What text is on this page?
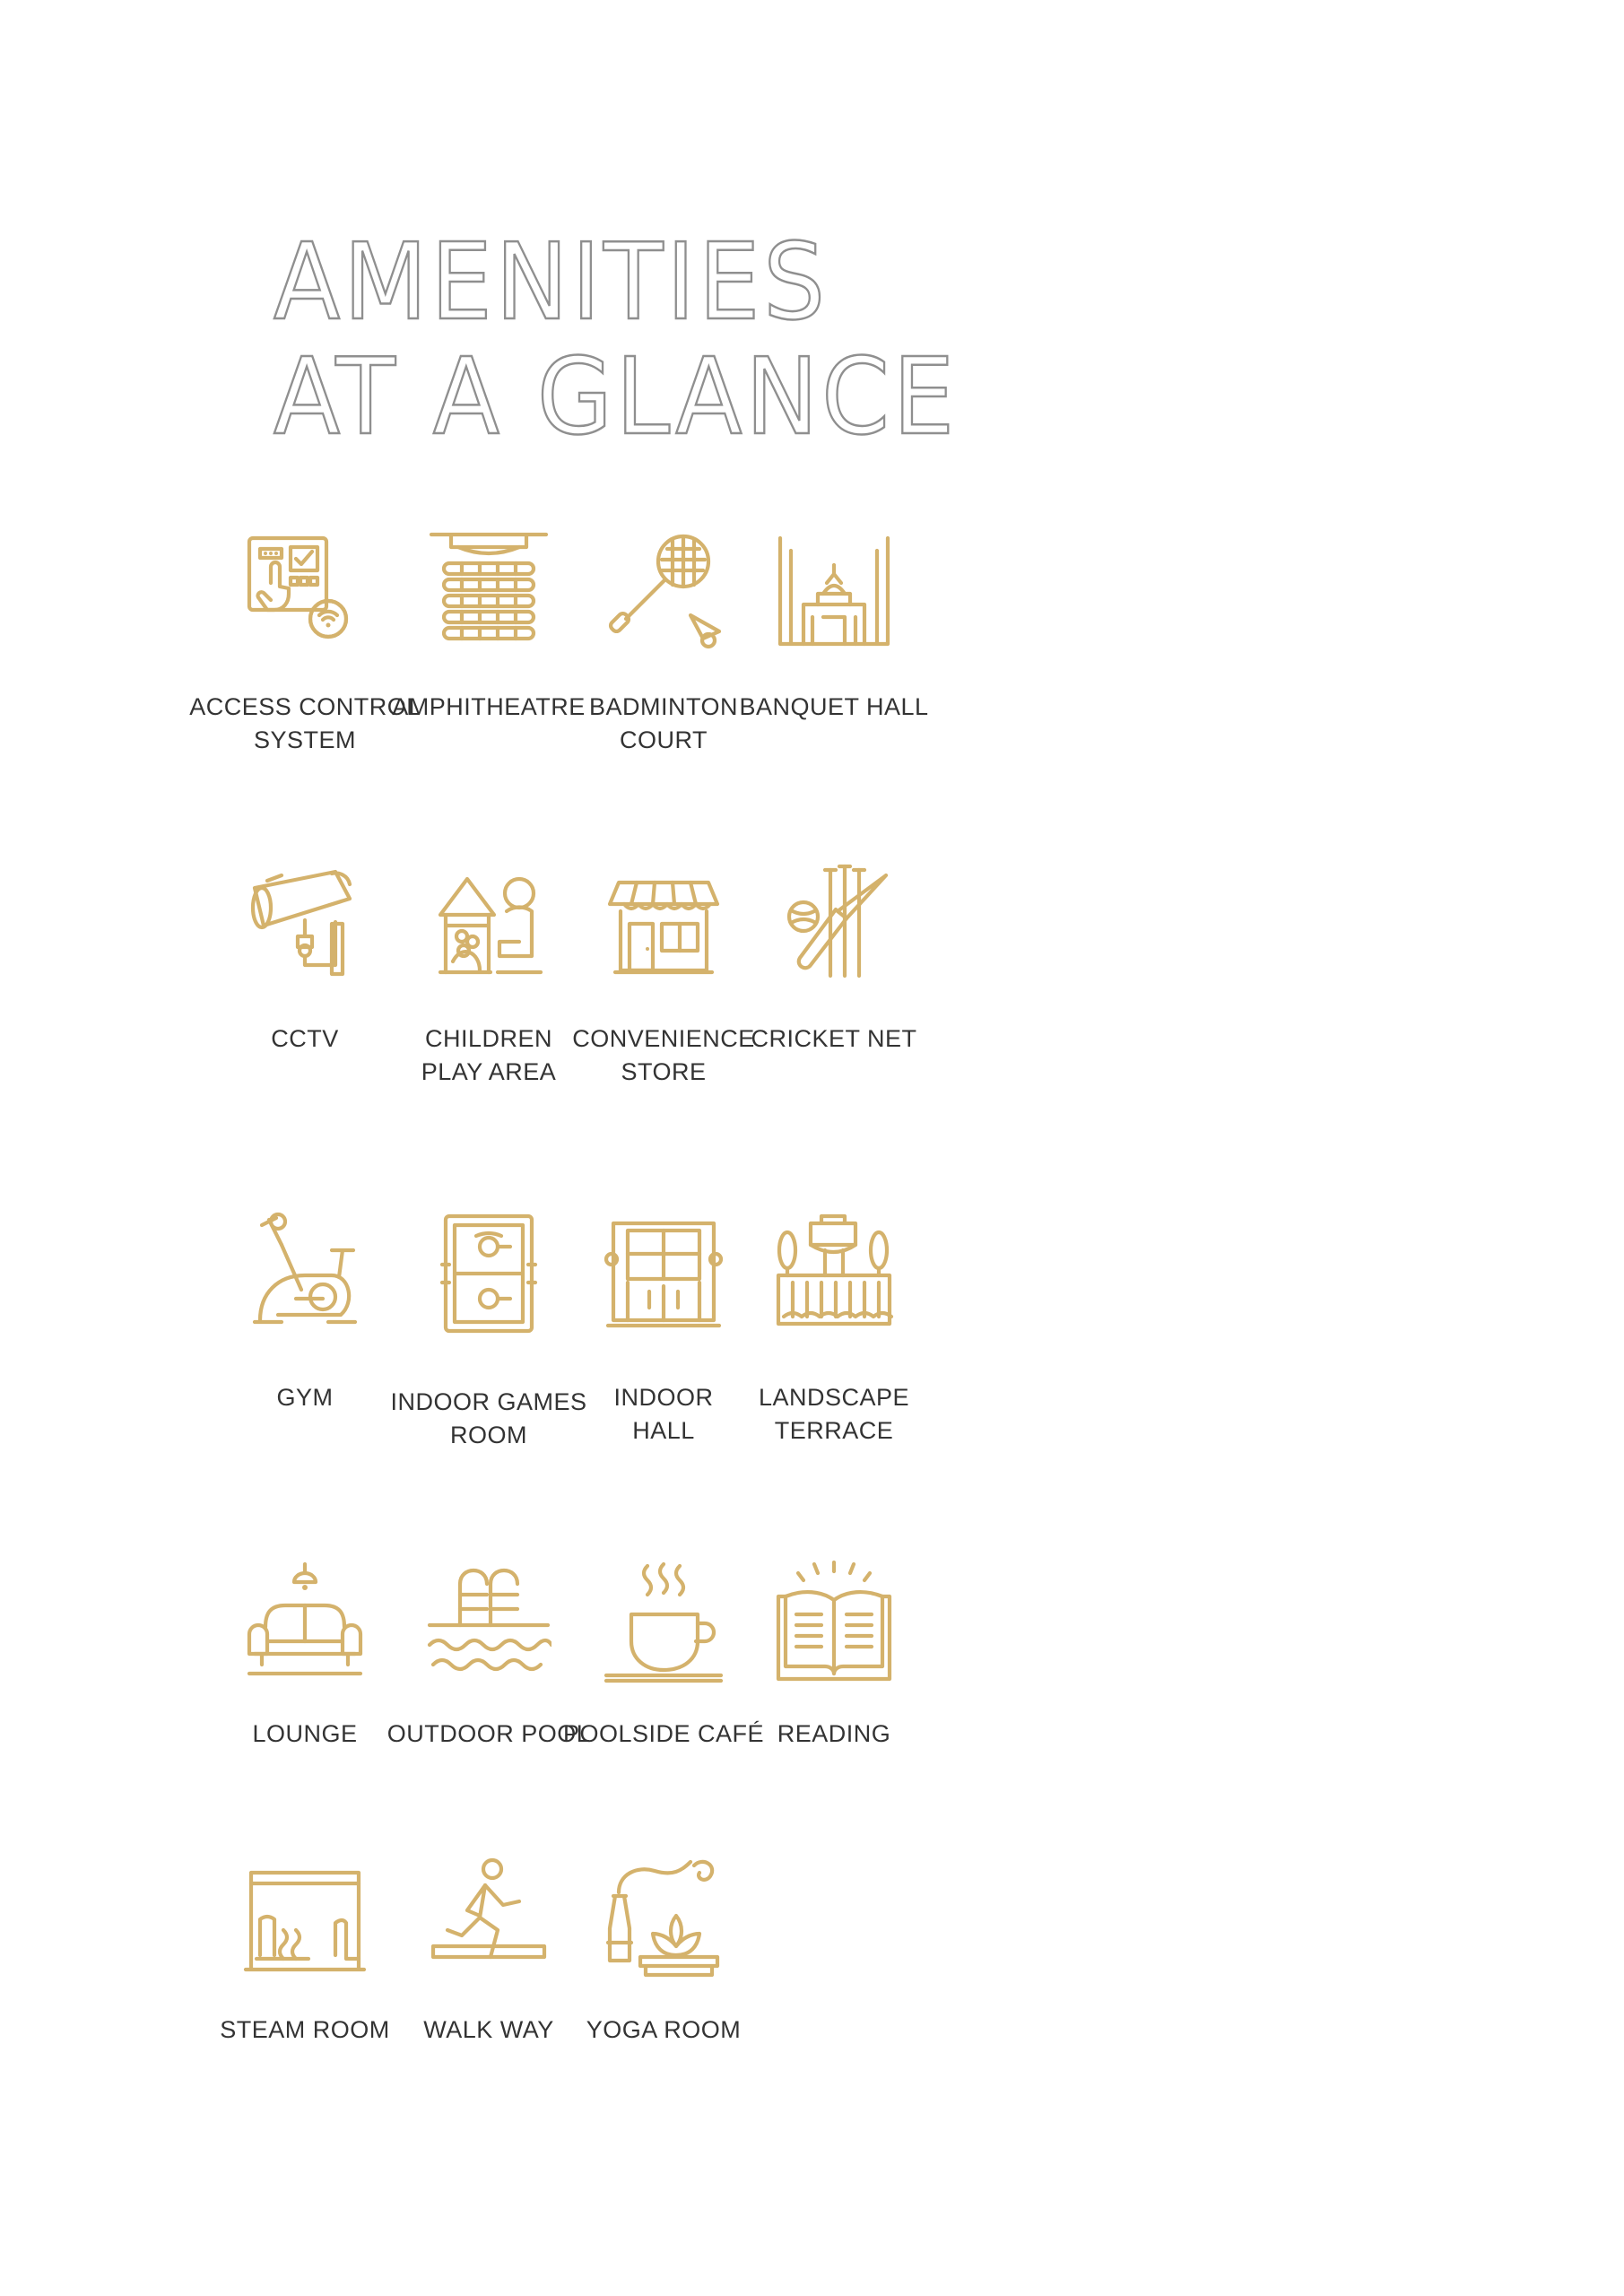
AMENITIES
AT A GLANCE
ACCESS CONTROL
SYSTEM
AMPHITHEATRE BADMINTON
COURT
BANQUET HALL
CCTV	CHILDREN
PLAY AREA
CONVENIENCE
STORE
CRICKET NET
GYM	INDOOR GAMES
ROOM
INDOOR
HALL
LANDSCAPE
TERRACE
LOUNGE	OUTDOOR POOL
POOLSIDE CAFÉ READING
STEAM ROOM	WALK WAY	YOGA ROOM
